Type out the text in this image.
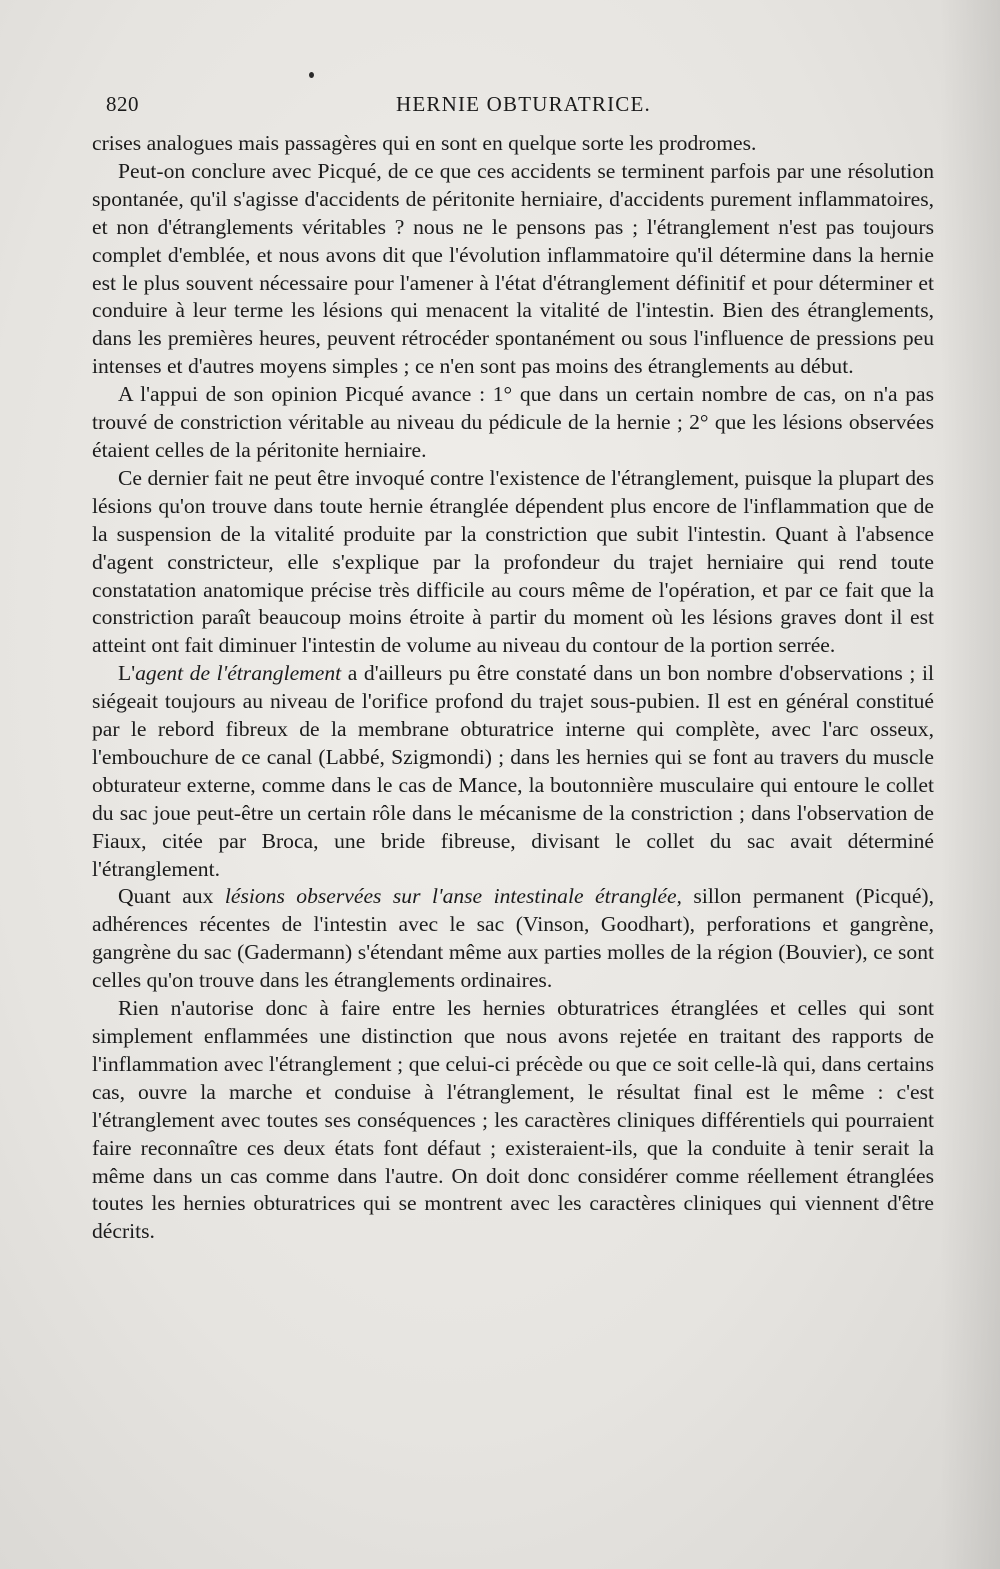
820	HERNIE OBTURATRICE.

crises analogues mais passagères qui en sont en quelque sorte les prodromes.

Peut-on conclure avec Picqué, de ce que ces accidents se terminent parfois par une résolution spontanée, qu'il s'agisse d'accidents de péritonite herniaire, d'accidents purement inflammatoires, et non d'étranglements véritables ? nous ne le pensons pas ; l'étranglement n'est pas toujours complet d'emblée, et nous avons dit que l'évolution inflammatoire qu'il détermine dans la hernie est le plus souvent nécessaire pour l'amener à l'état d'étranglement définitif et pour déterminer et conduire à leur terme les lésions qui menacent la vitalité de l'intestin. Bien des étranglements, dans les premières heures, peuvent rétrocéder spontanément ou sous l'influence de pressions peu intenses et d'autres moyens simples ; ce n'en sont pas moins des étranglements au début.

A l'appui de son opinion Picqué avance : 1° que dans un certain nombre de cas, on n'a pas trouvé de constriction véritable au niveau du pédicule de la hernie ; 2° que les lésions observées étaient celles de la péritonite herniaire.

Ce dernier fait ne peut être invoqué contre l'existence de l'étranglement, puisque la plupart des lésions qu'on trouve dans toute hernie étranglée dépendent plus encore de l'inflammation que de la suspension de la vitalité produite par la constriction que subit l'intestin. Quant à l'absence d'agent constricteur, elle s'explique par la profondeur du trajet herniaire qui rend toute constatation anatomique précise très difficile au cours même de l'opération, et par ce fait que la constriction paraît beaucoup moins étroite à partir du moment où les lésions graves dont il est atteint ont fait diminuer l'intestin de volume au niveau du contour de la portion serrée.

L'agent de l'étranglement a d'ailleurs pu être constaté dans un bon nombre d'observations ; il siégeait toujours au niveau de l'orifice profond du trajet sous-pubien. Il est en général constitué par le rebord fibreux de la membrane obturatrice interne qui complète, avec l'arc osseux, l'embouchure de ce canal (Labbé, Szigmondi) ; dans les hernies qui se font au travers du muscle obturateur externe, comme dans le cas de Mance, la boutonnière musculaire qui entoure le collet du sac joue peut-être un certain rôle dans le mécanisme de la constriction ; dans l'observation de Fiaux, citée par Broca, une bride fibreuse, divisant le collet du sac avait déterminé l'étranglement.

Quant aux lésions observées sur l'anse intestinale étranglée, sillon permanent (Picqué), adhérences récentes de l'intestin avec le sac (Vinson, Goodhart), perforations et gangrène, gangrène du sac (Gadermann) s'étendant même aux parties molles de la région (Bouvier), ce sont celles qu'on trouve dans les étranglements ordinaires.

Rien n'autorise donc à faire entre les hernies obturatrices étranglées et celles qui sont simplement enflammées une distinction que nous avons rejetée en traitant des rapports de l'inflammation avec l'étranglement ; que celui-ci précède ou que ce soit celle-là qui, dans certains cas, ouvre la marche et conduise à l'étranglement, le résultat final est le même : c'est l'étranglement avec toutes ses conséquences ; les caractères cliniques différentiels qui pourraient faire reconnaître ces deux états font défaut ; existeraient-ils, que la conduite à tenir serait la même dans un cas comme dans l'autre. On doit donc considérer comme réellement étranglées toutes les hernies obturatrices qui se montrent avec les caractères cliniques qui viennent d'être décrits.
